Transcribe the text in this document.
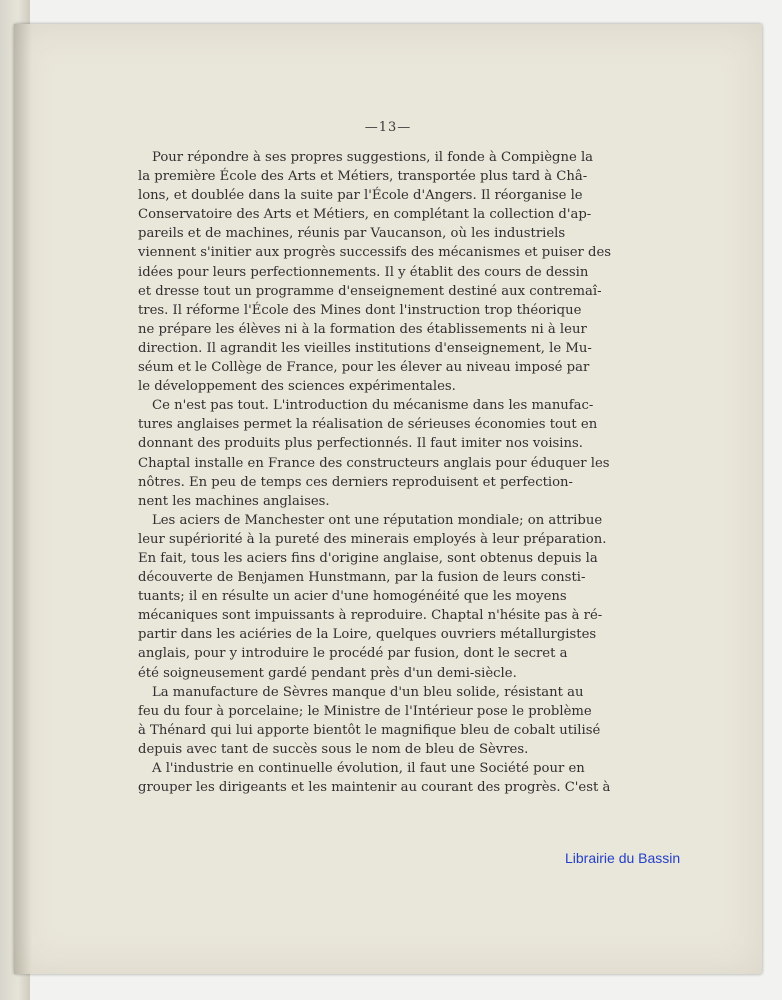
—13—
Pour répondre à ses propres suggestions, il fonde à Compiègne la
la première École des Arts et Métiers, transportée plus tard à Châ-
lons, et doublée dans la suite par l'École d'Angers. Il réorganise le
Conservatoire des Arts et Métiers, en complétant la collection d'ap-
pareils et de machines, réunis par Vaucanson, où les industriels
viennent s'initier aux progrès successifs des mécanismes et puiser des
idées pour leurs perfectionnements. Il y établit des cours de dessin
et dresse tout un programme d'enseignement destiné aux contremaî-
tres. Il réforme l'École des Mines dont l'instruction trop théorique
ne prépare les élèves ni à la formation des établissements ni à leur
direction. Il agrandit les vieilles institutions d'enseignement, le Mu-
séum et le Collège de France, pour les élever au niveau imposé par
le développement des sciences expérimentales.
Ce n'est pas tout. L'introduction du mécanisme dans les manufac-
tures anglaises permet la réalisation de sérieuses économies tout en
donnant des produits plus perfectionnés. Il faut imiter nos voisins.
Chaptal installe en France des constructeurs anglais pour éduquer les
nôtres. En peu de temps ces derniers reproduisent et perfection-
nent les machines anglaises.
Les aciers de Manchester ont une réputation mondiale; on attribue
leur supériorité à la pureté des minerais employés à leur préparation.
En fait, tous les aciers fins d'origine anglaise, sont obtenus depuis la
découverte de Benjamen Hunstmann, par la fusion de leurs consti-
tuants; il en résulte un acier d'une homogénéité que les moyens
mécaniques sont impuissants à reproduire. Chaptal n'hésite pas à ré-
partir dans les aciéries de la Loire, quelques ouvriers métallurgistes
anglais, pour y introduire le procédé par fusion, dont le secret a
été soigneusement gardé pendant près d'un demi-siècle.
La manufacture de Sèvres manque d'un bleu solide, résistant au
feu du four à porcelaine; le Ministre de l'Intérieur pose le problème
à Thénard qui lui apporte bientôt le magnifique bleu de cobalt utilisé
depuis avec tant de succès sous le nom de bleu de Sèvres.
A l'industrie en continuelle évolution, il faut une Société pour en
grouper les dirigeants et les maintenir au courant des progrès. C'est à
Librairie du Bassin
